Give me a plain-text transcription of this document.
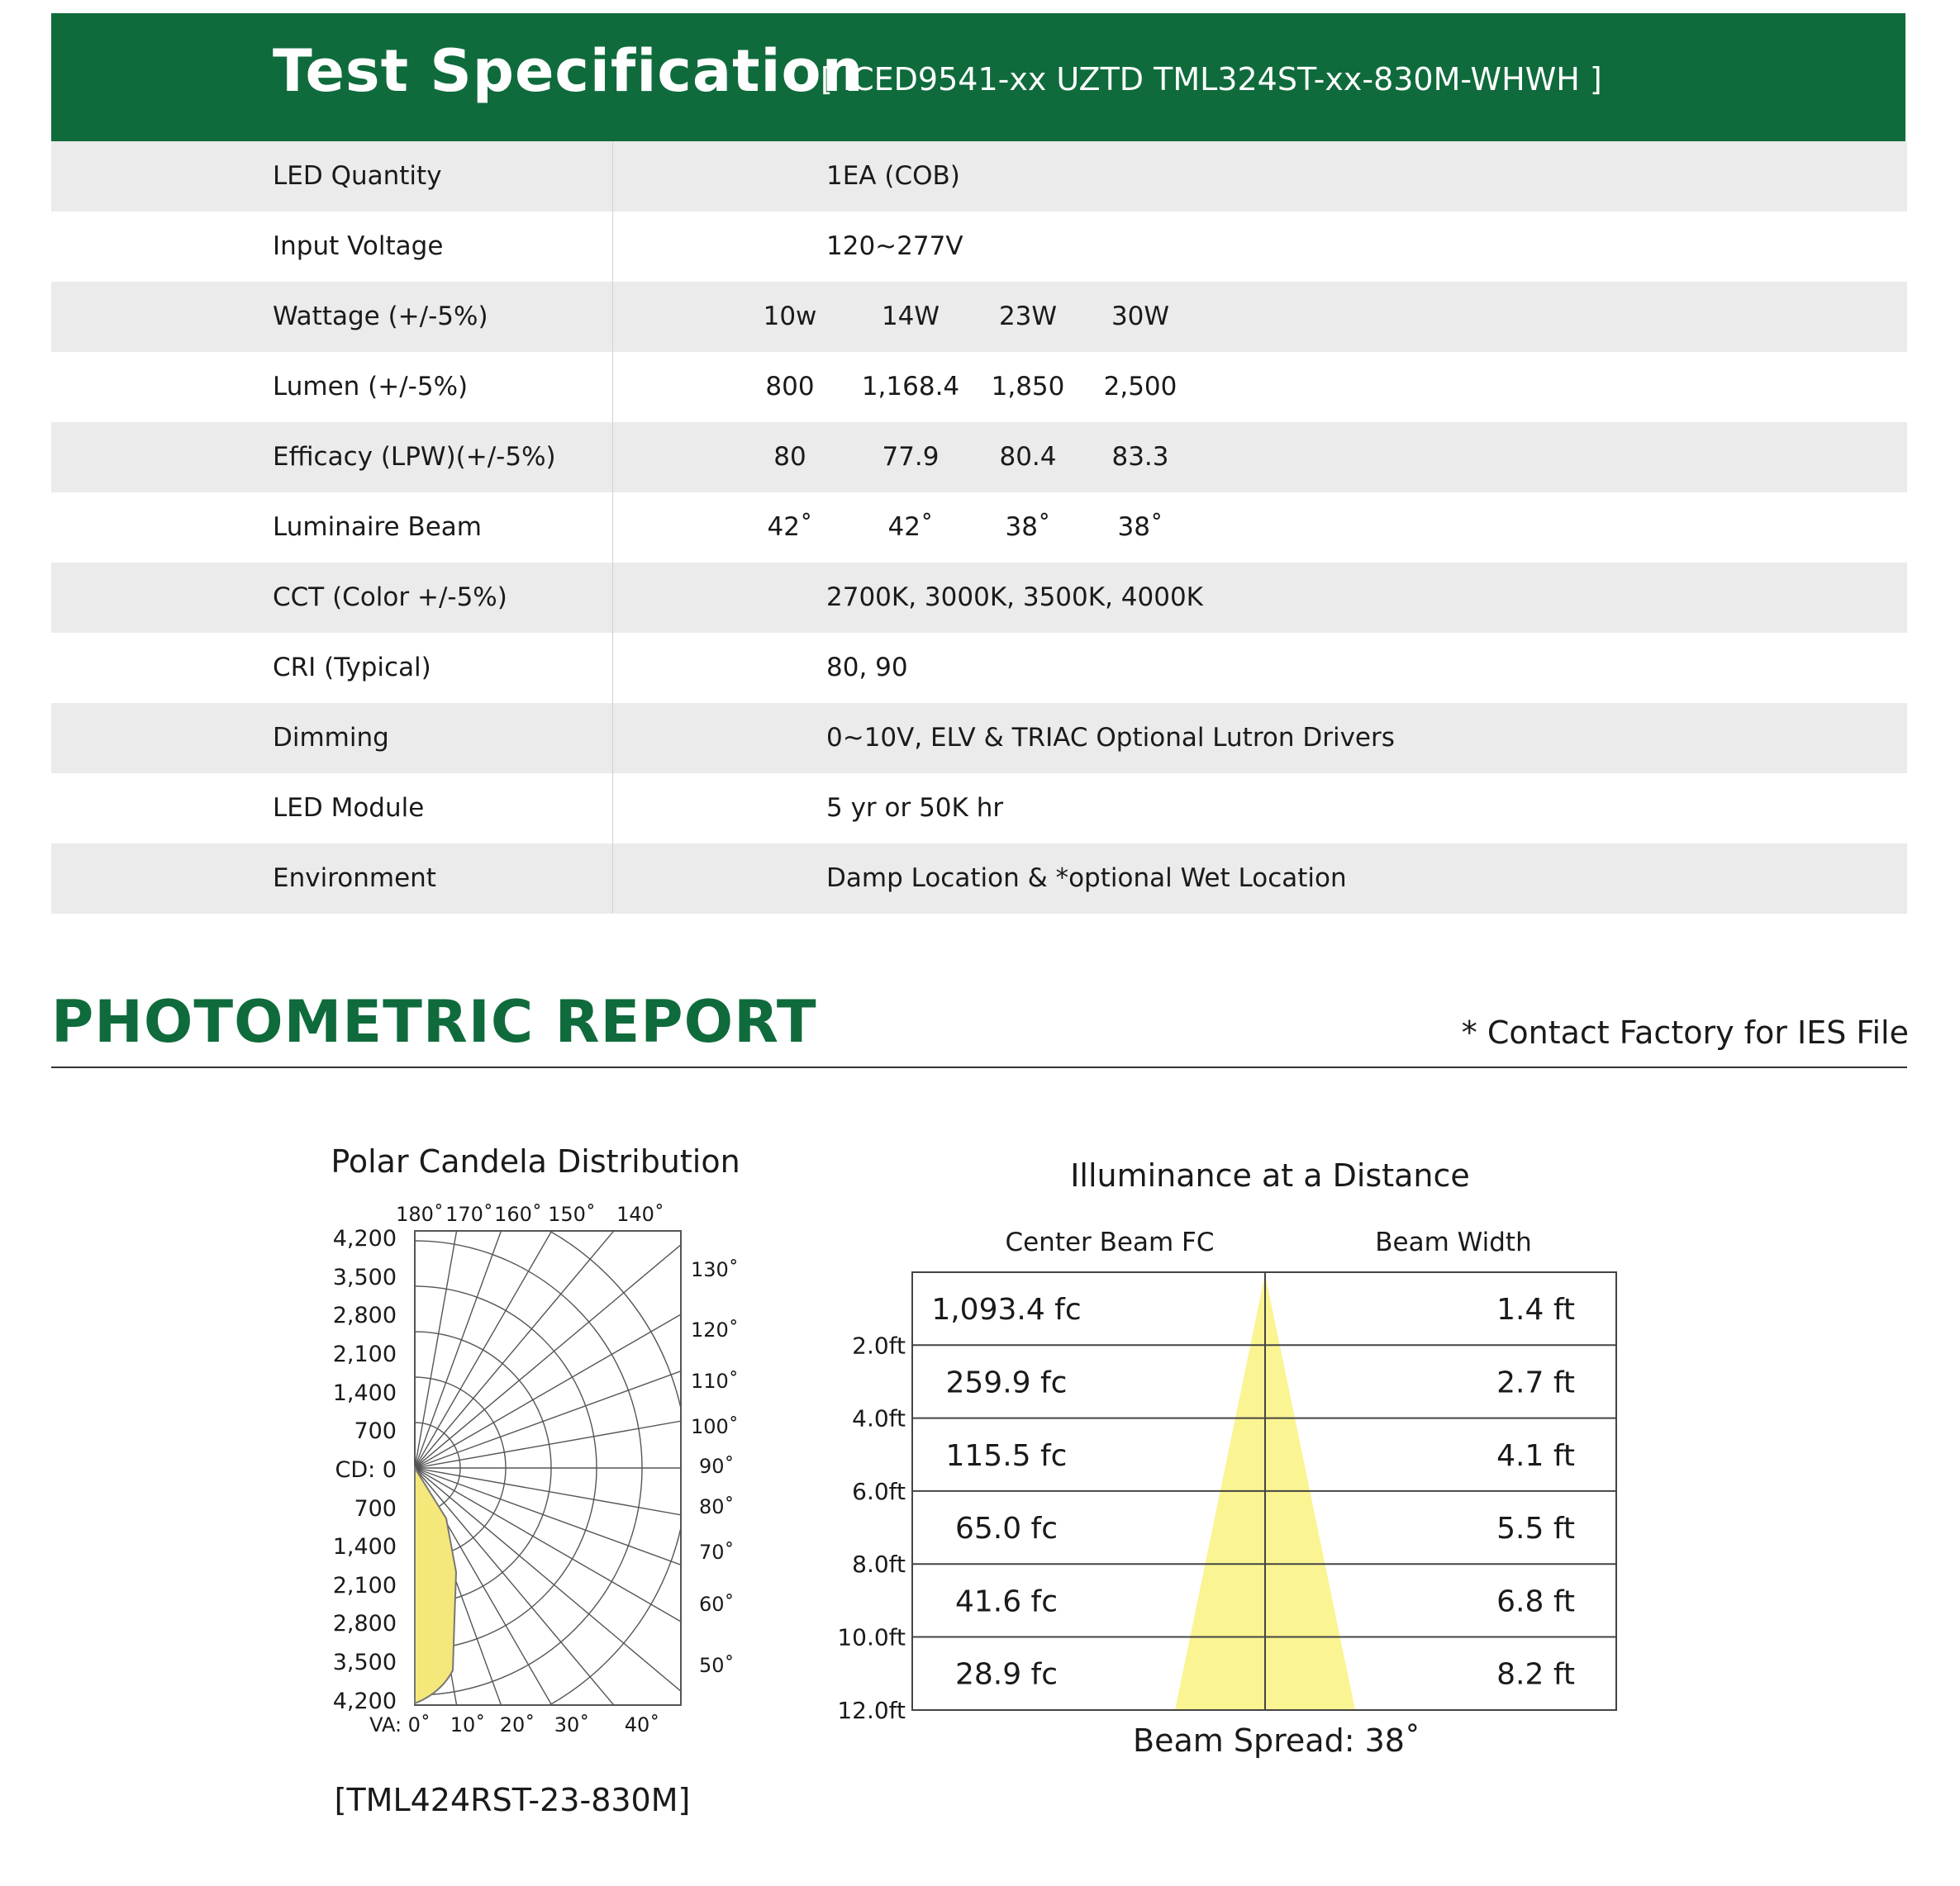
Test Specification
[ ICED9541-xx UZTD TML324ST-xx-830M-WHWH ]
LED Quantity	1EA (COB)
Input Voltage	120~277V
Wattage (+/-5%)	10w	14W	23W	30W
Lumen (+/-5%)	800	1,168.4	1,850	2,500
Efficacy (LPW)(+/-5%)	80	77.9	80.4	83.3
Luminaire Beam	42˚	42˚	38˚	38˚
CCT (Color +/-5%)	2700K, 3000K, 3500K, 4000K
CRI (Typical)	80, 90
Dimming	0~10V, ELV & TRIAC Optional Lutron Drivers
LED Module	5 yr or 50K hr
Environment	Damp Location & *optional Wet Location
PHOTOMETRIC REPORT	* Contact Factory for IES File
Polar Candela Distribution
4,200
3,500
2,800
2,100
1,400
700
CD: 0
700
1,400
2,100
2,800
3,500
4,200
180˚ 170˚ 160˚ 150˚ 140˚
130˚
120˚
110˚
100˚
90˚
80˚
70˚
60˚
50˚
VA: 0˚ 10˚ 20˚ 30˚ 40˚
[TML424RST-23-830M]
Illuminance at a Distance
Center Beam FC	Beam Width
1,093.4 fc	1.4 ft
259.9 fc	2.7 ft
115.5 fc	4.1 ft
65.0 fc	5.5 ft
41.6 fc	6.8 ft
28.9 fc	8.2 ft
2.0ft
4.0ft
6.0ft
8.0ft
10.0ft
12.0ft
Beam Spread: 38˚
